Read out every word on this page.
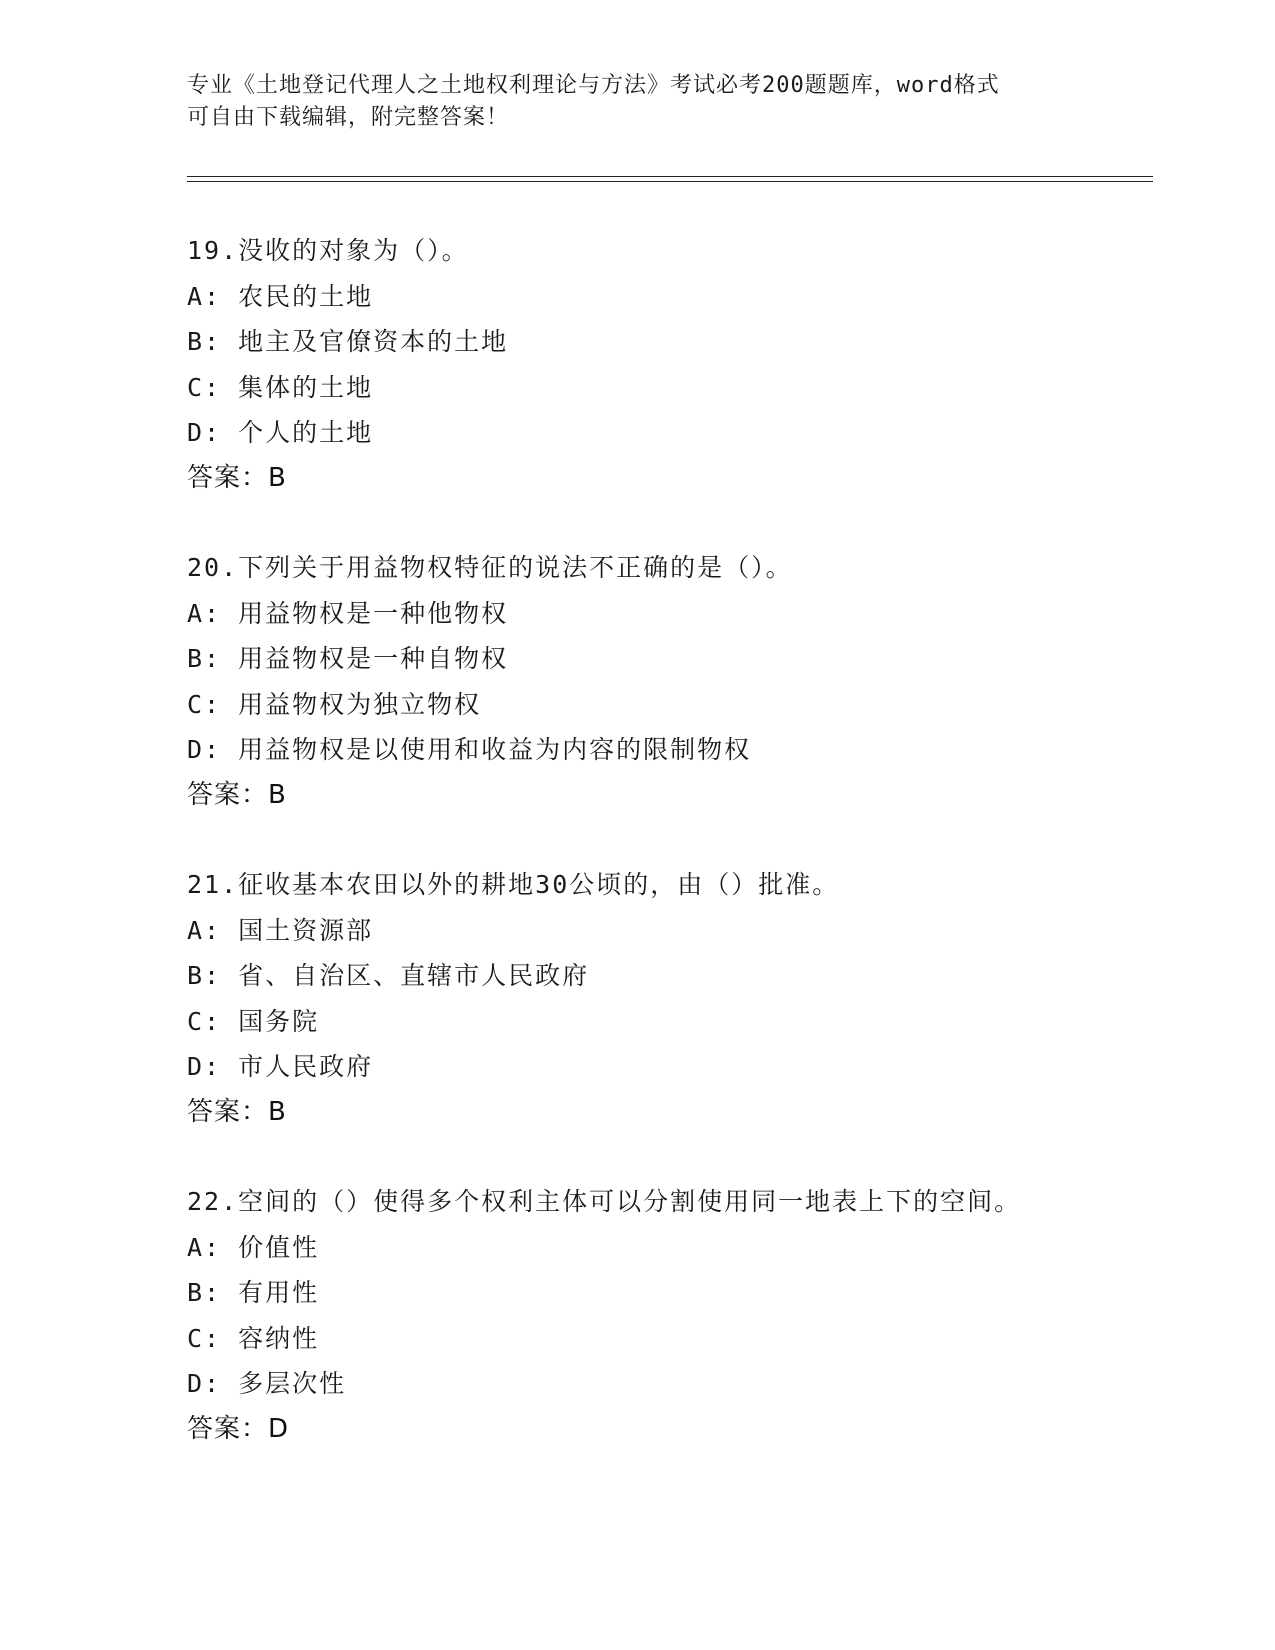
专业《土地登记代理人之土地权利理论与方法》考试必考200题题库，word格式
可自由下载编辑，附完整答案！
19.没收的对象为（）。
A: 农民的土地
B: 地主及官僚资本的土地
C: 集体的土地
D: 个人的土地
答案：B
20.下列关于用益物权特征的说法不正确的是（）。
A: 用益物权是一种他物权
B: 用益物权是一种自物权
C: 用益物权为独立物权
D: 用益物权是以使用和收益为内容的限制物权
答案：B
21.征收基本农田以外的耕地30公顷的，由（）批准。
A: 国土资源部
B: 省、自治区、直辖市人民政府
C: 国务院
D: 市人民政府
答案：B
22.空间的（）使得多个权利主体可以分割使用同一地表上下的空间。
A: 价值性
B: 有用性
C: 容纳性
D: 多层次性
答案：D
